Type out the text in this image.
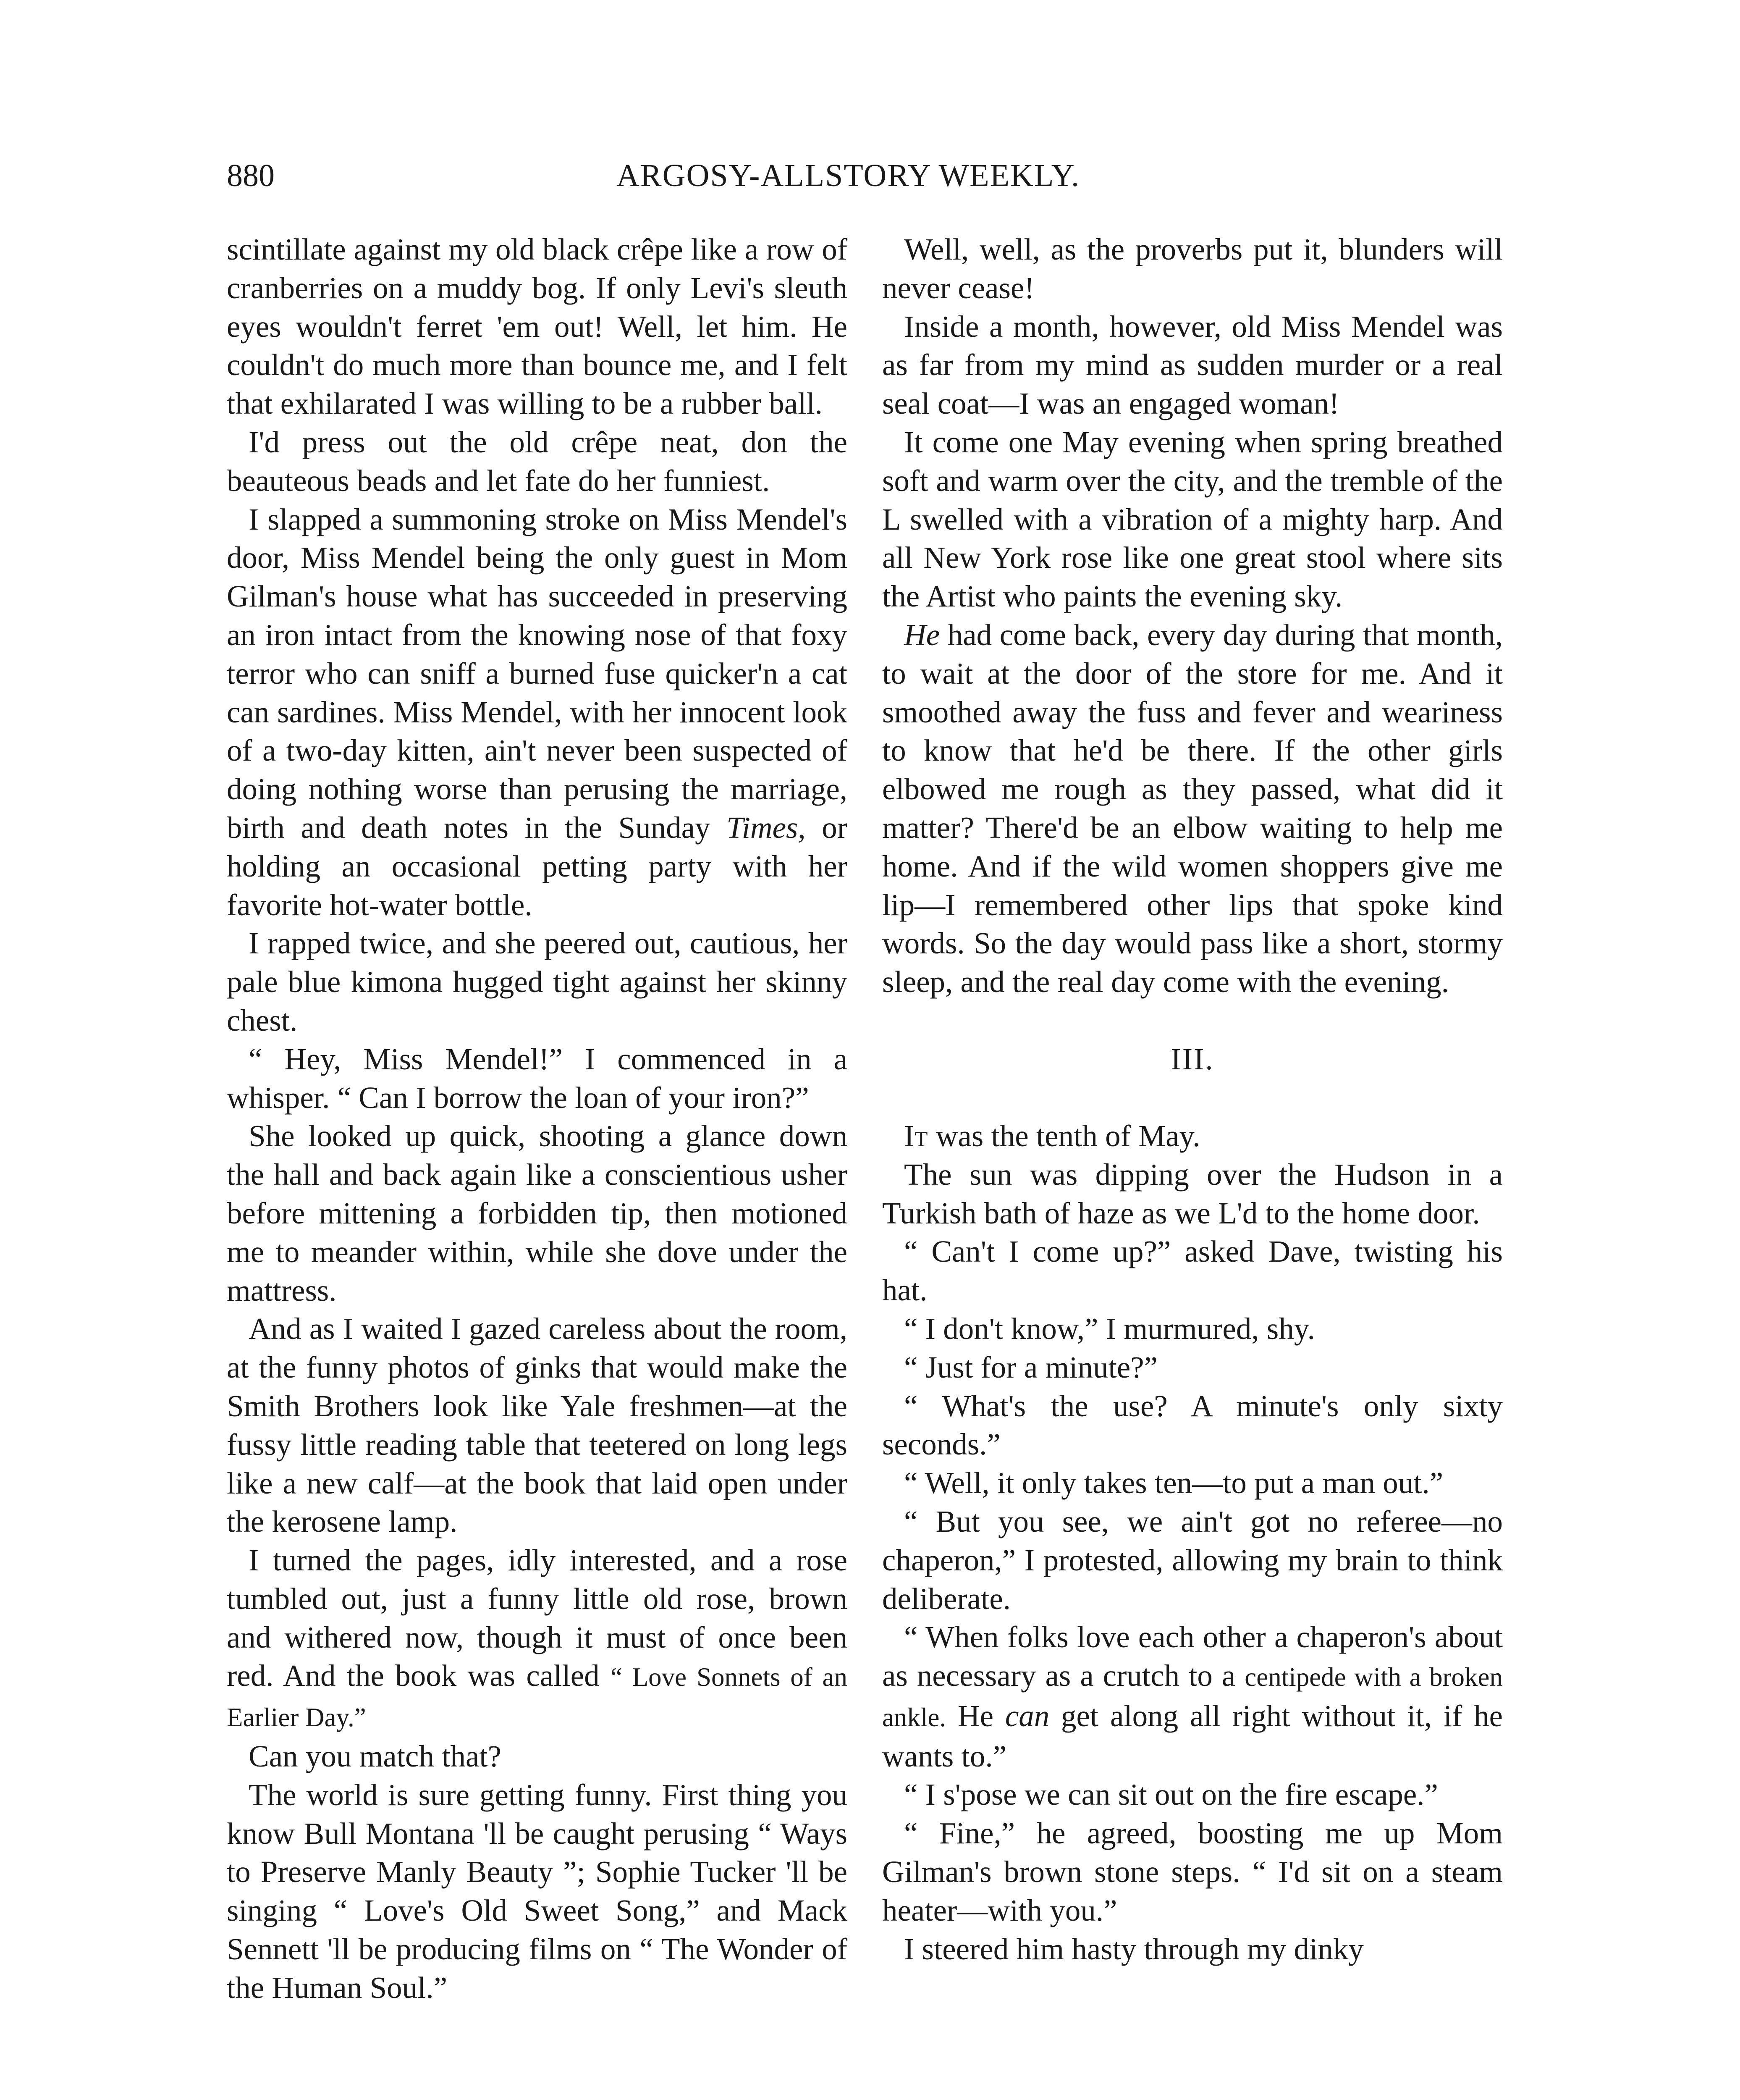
880	ARGOSY-ALLSTORY WEEKLY.

scintillate against my old black crêpe like a row of cranberries on a muddy bog. If only Levi's sleuth eyes wouldn't ferret 'em out! Well, let him. He couldn't do much more than bounce me, and I felt that exhilarated I was willing to be a rubber ball.

I'd press out the old crêpe neat, don the beauteous beads and let fate do her funniest.

I slapped a summoning stroke on Miss Mendel's door, Miss Mendel being the only guest in Mom Gilman's house what has succeeded in preserving an iron intact from the knowing nose of that foxy terror who can sniff a burned fuse quicker'n a cat can sardines. Miss Mendel, with her innocent look of a two-day kitten, ain't never been suspected of doing nothing worse than perusing the marriage, birth and death notes in the Sunday Times, or holding an occasional petting party with her favorite hot-water bottle.

I rapped twice, and she peered out, cautious, her pale blue kimona hugged tight against her skinny chest.

“ Hey, Miss Mendel!” I commenced in a whisper. “ Can I borrow the loan of your iron?”

She looked up quick, shooting a glance down the hall and back again like a conscientious usher before mittening a forbidden tip, then motioned me to meander within, while she dove under the mattress.

And as I waited I gazed careless about the room, at the funny photos of ginks that would make the Smith Brothers look like Yale freshmen—at the fussy little reading table that teetered on long legs like a new calf—at the book that laid open under the kerosene lamp.

I turned the pages, idly interested, and a rose tumbled out, just a funny little old rose, brown and withered now, though it must of once been red. And the book was called “ Love Sonnets of an Earlier Day.”

Can you match that?

The world is sure getting funny. First thing you know Bull Montana 'll be caught perusing “ Ways to Preserve Manly Beauty ”; Sophie Tucker 'll be singing “ Love's Old Sweet Song,” and Mack Sennett 'll be producing films on “ The Wonder of the Human Soul.”

Well, well, as the proverbs put it, blunders will never cease!

Inside a month, however, old Miss Mendel was as far from my mind as sudden murder or a real seal coat—I was an engaged woman!

It come one May evening when spring breathed soft and warm over the city, and the tremble of the L swelled with a vibration of a mighty harp. And all New York rose like one great stool where sits the Artist who paints the evening sky.

He had come back, every day during that month, to wait at the door of the store for me. And it smoothed away the fuss and fever and weariness to know that he'd be there. If the other girls elbowed me rough as they passed, what did it matter? There'd be an elbow waiting to help me home. And if the wild women shoppers give me lip—I remembered other lips that spoke kind words. So the day would pass like a short, stormy sleep, and the real day come with the evening.

III.

It was the tenth of May.

The sun was dipping over the Hudson in a Turkish bath of haze as we L'd to the home door.

“ Can't I come up?” asked Dave, twisting his hat.

“ I don't know,” I murmured, shy.

“ Just for a minute?”

“ What's the use? A minute's only sixty seconds.”

“ Well, it only takes ten—to put a man out.”

“ But you see, we ain't got no referee—no chaperon,” I protested, allowing my brain to think deliberate.

“ When folks love each other a chaperon's about as necessary as a crutch to a centipede with a broken ankle. He can get along all right without it, if he wants to.”

“ I s'pose we can sit out on the fire escape.”

“ Fine,” he agreed, boosting me up Mom Gilman's brown stone steps. “ I'd sit on a steam heater—with you.”

I steered him hasty through my dinky
